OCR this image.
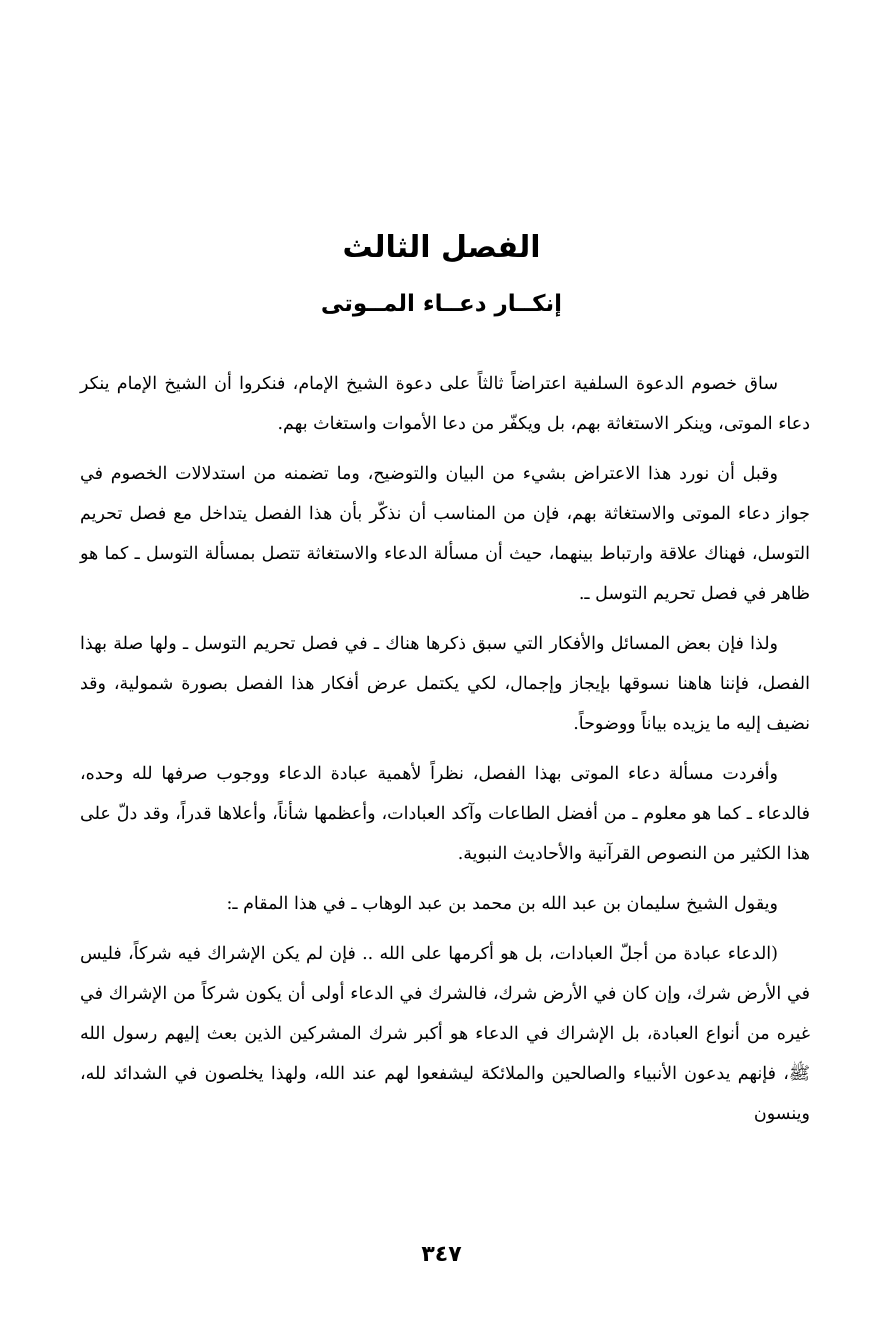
الفصل الثالث
إنكــار دعــاء المــوتى

ساق خصوم الدعوة السلفية اعتراضاً ثالثاً على دعوة الشيخ الإمام، فنكروا أن الشيخ الإمام ينكر دعاء الموتى، وينكر الاستغاثة بهم، بل ويكفّر من دعا الأموات واستغاث بهم.

وقبل أن نورد هذا الاعتراض بشيء من البيان والتوضيح، وما تضمنه من استدلالات الخصوم في جواز دعاء الموتى والاستغاثة بهم، فإن من المناسب أن نذكّر بأن هذا الفصل يتداخل مع فصل تحريم التوسل، فهناك علاقة وارتباط بينهما، حيث أن مسألة الدعاء والاستغاثة تتصل بمسألة التوسل ـ كما هو ظاهر في فصل تحريم التوسل ـ.

ولذا فإن بعض المسائل والأفكار التي سبق ذكرها هناك ـ في فصل تحريم التوسل ـ ولها صلة بهذا الفصل، فإننا هاهنا نسوقها بإيجاز وإجمال، لكي يكتمل عرض أفكار هذا الفصل بصورة شمولية، وقد نضيف إليه ما يزيده بياناً ووضوحاً.

وأفردت مسألة دعاء الموتى بهذا الفصل، نظراً لأهمية عبادة الدعاء ووجوب صرفها لله وحده، فالدعاء ـ كما هو معلوم ـ من أفضل الطاعات وآكد العبادات، وأعظمها شأناً، وأعلاها قدراً، وقد دلّ على هذا الكثير من النصوص القرآنية والأحاديث النبوية.

ويقول الشيخ سليمان بن عبد الله بن محمد بن عبد الوهاب ـ في هذا المقام ـ:

(الدعاء عبادة من أجلّ العبادات، بل هو أكرمها على الله .. فإن لم يكن الإشراك فيه شركاً، فليس في الأرض شرك، وإن كان في الأرض شرك، فالشرك في الدعاء أولى أن يكون شركاً من الإشراك في غيره من أنواع العبادة، بل الإشراك في الدعاء هو أكبر شرك المشركين الذين بعث إليهم رسول الله ﷺ، فإنهم يدعون الأنبياء والصالحين والملائكة ليشفعوا لهم عند الله، ولهذا يخلصون في الشدائد لله، وينسون

٣٤٧
